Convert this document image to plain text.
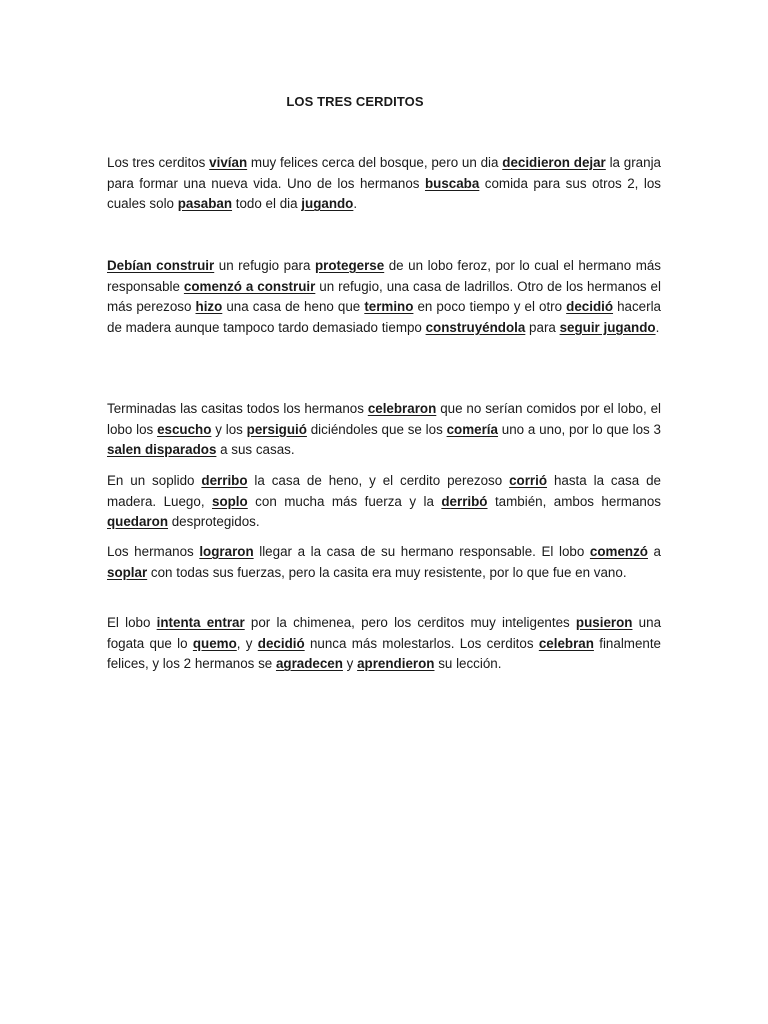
LOS TRES CERDITOS

Los tres cerditos vivían muy felices cerca del bosque, pero un dia decidieron dejar la granja para formar una nueva vida. Uno de los hermanos buscaba comida para sus otros 2, los cuales solo pasaban todo el dia jugando.

Debían construir un refugio para protegerse de un lobo feroz, por lo cual el hermano más responsable comenzó a construir un refugio, una casa de ladrillos. Otro de los hermanos el más perezoso hizo una casa de heno que termino en poco tiempo y el otro decidió hacerla de madera aunque tampoco tardo demasiado tiempo construyéndola para seguir jugando.

Terminadas las casitas todos los hermanos celebraron que no serían comidos por el lobo, el lobo los escucho y los persiguió diciéndoles que se los comería uno a uno, por lo que los 3 salen disparados a sus casas.

En un soplido derribo la casa de heno, y el cerdito perezoso corrió hasta la casa de madera. Luego, soplo con mucha más fuerza y la derribó también, ambos hermanos quedaron desprotegidos.

Los hermanos lograron llegar a la casa de su hermano responsable. El lobo comenzó a soplar con todas sus fuerzas, pero la casita era muy resistente, por lo que fue en vano.

El lobo intenta entrar por la chimenea, pero los cerditos muy inteligentes pusieron una fogata que lo quemo, y decidió nunca más molestarlos. Los cerditos celebran finalmente felices, y los 2 hermanos se agradecen y aprendieron su lección.
